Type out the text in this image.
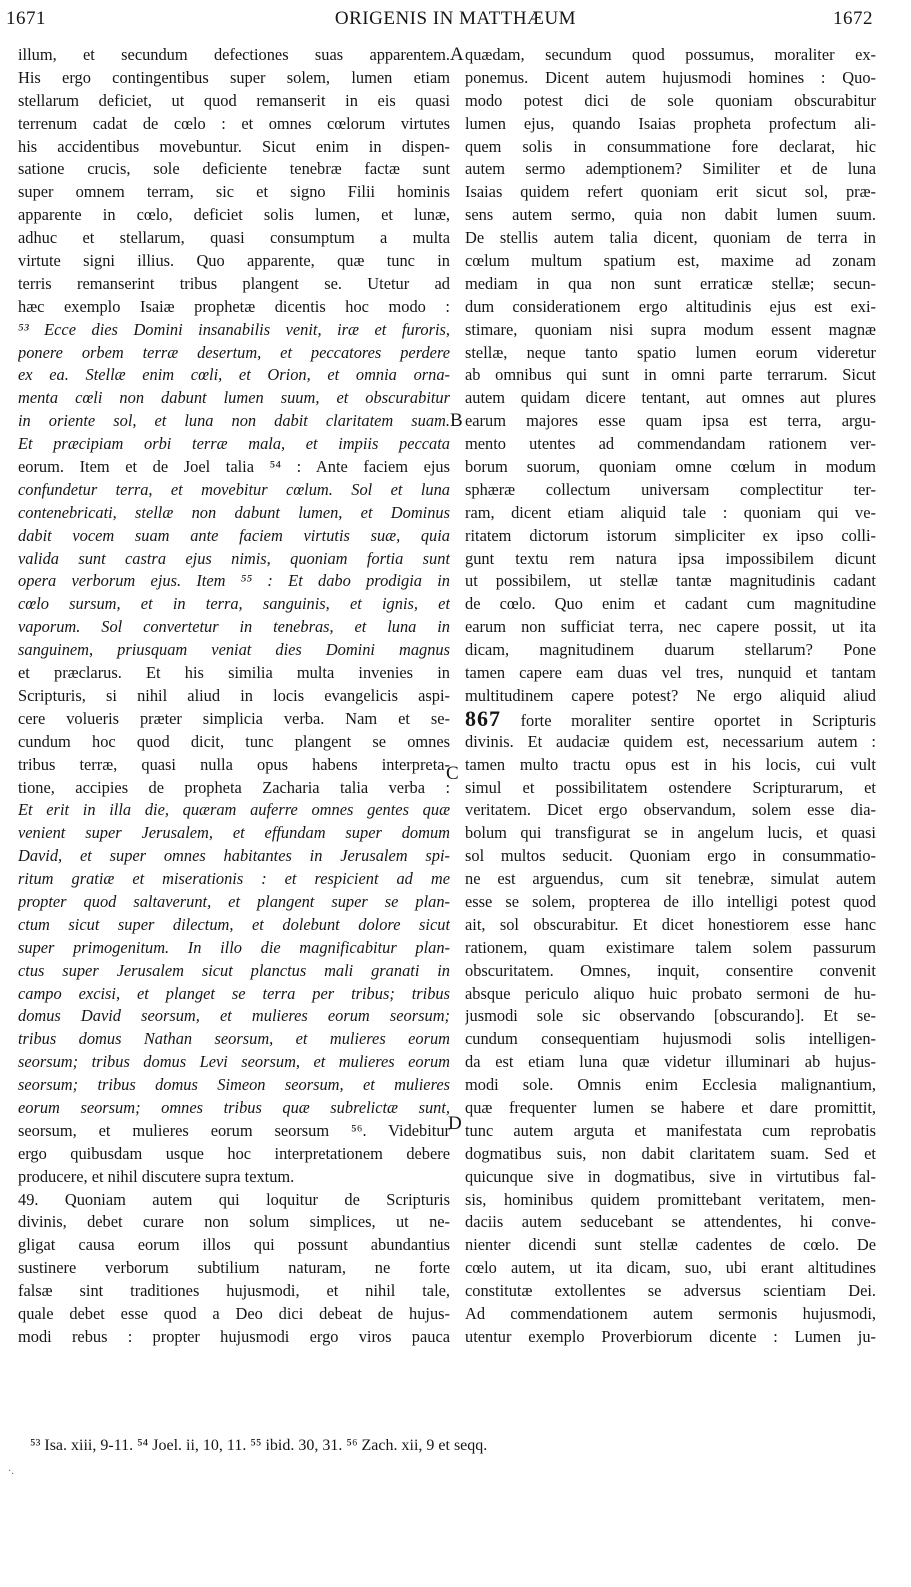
1671	ORIGENIS IN MATTHÆUM	1672
illum, et secundum defectiones suas apparentem.
His ergo contingentibus super solem, lumen etiam
stellarum deficiet, ut quod remanserit in eis quasi
terrenum cadat de cœlo : et omnes cœlorum virtutes
his accidentibus movebuntur. Sicut enim in dispen-
satione crucis, sole deficiente tenebræ factæ sunt
super omnem terram, sic et signo Filii hominis
apparente in cœlo, deficiet solis lumen, et lunæ,
adhuc et stellarum, quasi consumptum a multa
virtute signi illius. Quo apparente, quæ tunc in
terris remanserint tribus plangent se. Utetur ad
hæc exemplo Isaiæ prophetæ dicentis hoc modo :
⁵³ Ecce dies Domini insanabilis venit, iræ et furoris,
ponere orbem terræ desertum, et peccatores perdere
ex ea. Stellæ enim cœli, et Orion, et omnia orna-
menta cœli non dabunt lumen suum, et obscurabitur
in oriente sol, et luna non dabit claritatem suam.
Et præcipiam orbi terræ mala, et impiis peccata
eorum. Item et de Joel talia ⁵⁴ : Ante faciem ejus
confundetur terra, et movebitur cœlum. Sol et luna
contenebricati, stellæ non dabunt lumen, et Dominus
dabit vocem suam ante faciem virtutis suæ, quia
valida sunt castra ejus nimis, quoniam fortia sunt
opera verborum ejus. Item ⁵⁵ : Et dabo prodigia in
cœlo sursum, et in terra, sanguinis, et ignis, et
vaporum. Sol convertetur in tenebras, et luna in
sanguinem, priusquam veniat dies Domini magnus
et præclarus. Et his similia multa invenies in
Scripturis, si nihil aliud in locis evangelicis aspi-
cere volueris præter simplicia verba. Nam et se-
cundum hoc quod dicit, tunc plangent se omnes
tribus terræ, quasi nulla opus habens interpreta-
tione, accipies de propheta Zacharia talia verba :
Et erit in illa die, quæram auferre omnes gentes quæ
venient super Jerusalem, et effundam super domum
David, et super omnes habitantes in Jerusalem spi-
ritum gratiæ et miserationis : et respicient ad me
propter quod saltaverunt, et plangent super se plan-
ctum sicut super dilectum, et dolebunt dolore sicut
super primogenitum. In illo die magnificabitur plan-
ctus super Jerusalem sicut planctus mali granati in
campo excisi, et planget se terra per tribus; tribus
domus David seorsum, et mulieres eorum seorsum;
tribus domus Nathan seorsum, et mulieres eorum
seorsum; tribus domus Levi seorsum, et mulieres eorum
seorsum; tribus domus Simeon seorsum, et mulieres
eorum seorsum; omnes tribus quæ subrelictæ sunt,
seorsum, et mulieres eorum seorsum ⁵⁶. Videbitur
ergo quibusdam usque hoc interpretationem debere
producere, et nihil discutere supra textum.
49. Quoniam autem qui loquitur de Scripturis
divinis, debet curare non solum simplices, ut ne-
gligat causa eorum illos qui possunt abundantius
sustinere verborum subtilium naturam, ne forte
falsæ sint traditiones hujusmodi, et nihil tale,
quale debet esse quod a Deo dici debeat de hujus-
modi rebus : propter hujusmodi ergo viros pauca
quædam, secundum quod possumus, moraliter ex-
ponemus. Dicent autem hujusmodi homines : Quo-
modo potest dici de sole quoniam obscurabitur
lumen ejus, quando Isaias propheta profectum ali-
quem solis in consummatione fore declarat, hic
autem sermo ademptionem? Similiter et de luna
Isaias quidem refert quoniam erit sicut sol, præ-
sens autem sermo, quia non dabit lumen suum.
De stellis autem talia dicent, quoniam de terra in
cœlum multum spatium est, maxime ad zonam
mediam in qua non sunt erraticæ stellæ; secun-
dum considerationem ergo altitudinis ejus est exi-
stimare, quoniam nisi supra modum essent magnæ
stellæ, neque tanto spatio lumen eorum videretur
ab omnibus qui sunt in omni parte terrarum. Sicut
autem quidam dicere tentant, aut omnes aut plures
earum majores esse quam ipsa est terra, argu-
mento utentes ad commendandam rationem ver-
borum suorum, quoniam omne cœlum in modum
sphæræ collectum universam complectitur ter-
ram, dicent etiam aliquid tale : quoniam qui ve-
ritatem dictorum istorum simpliciter ex ipso colli-
gunt textu rem natura ipsa impossibilem dicunt
ut possibilem, ut stellæ tantæ magnitudinis cadant
de cœlo. Quo enim et cadant cum magnitudine
earum non sufficiat terra, nec capere possit, ut ita
dicam, magnitudinem duarum stellarum? Pone
tamen capere eam duas vel tres, nunquid et tantam
multitudinem capere potest? Ne ergo aliquid aliud
867 forte moraliter sentire oportet in Scripturis
divinis. Et audaciæ quidem est, necessarium autem :
tamen multo tractu opus est in his locis, cui vult
simul et possibilitatem ostendere Scripturarum, et
veritatem. Dicet ergo observandum, solem esse dia-
bolum qui transfigurat se in angelum lucis, et quasi
sol multos seducit. Quoniam ergo in consummatio-
ne est arguendus, cum sit tenebræ, simulat autem
esse se solem, propterea de illo intelligi potest quod
ait, sol obscurabitur. Et dicet honestiorem esse hanc
rationem, quam existimare talem solem passurum
obscuritatem. Omnes, inquit, consentire convenit
absque periculo aliquo huic probato sermoni de hu-
jusmodi sole sic observando [obscurando]. Et se-
cundum consequentiam hujusmodi solis intelligen-
da est etiam luna quæ videtur illuminari ab hujus-
modi sole. Omnis enim Ecclesia malignantium,
quæ frequenter lumen se habere et dare promittit,
tunc autem arguta et manifestata cum reprobatis
dogmatibus suis, non dabit claritatem suam. Sed et
quicunque sive in dogmatibus, sive in virtutibus fal-
sis, hominibus quidem promittebant veritatem, men-
daciis autem seducebant se attendentes, hi conve-
nienter dicendi sunt stellæ cadentes de cœlo. De
cœlo autem, ut ita dicam, suo, ubi erant altitudines
constitutæ extollentes se adversus scientiam Dei.
Ad commendationem autem sermonis hujusmodi,
utentur exemplo Proverbiorum dicente : Lumen ju-
A
B
C
D
⁵³ Isa. xiii, 9-11. ⁵⁴ Joel. ii, 10, 11. ⁵⁵ ibid. 30, 31. ⁵⁶ Zach. xii, 9 et seqq.
·.
